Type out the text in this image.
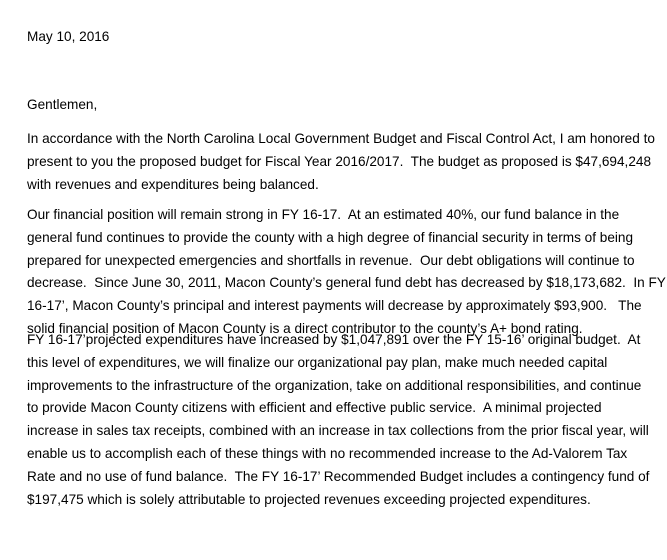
May 10, 2016

Gentlemen,

In accordance with the North Carolina Local Government Budget and Fiscal Control Act, I am honored to
present to you the proposed budget for Fiscal Year 2016/2017.  The budget as proposed is $47,694,248
with revenues and expenditures being balanced.

Our financial position will remain strong in FY 16-17.  At an estimated 40%, our fund balance in the
general fund continues to provide the county with a high degree of financial security in terms of being
prepared for unexpected emergencies and shortfalls in revenue.  Our debt obligations will continue to
decrease.  Since June 30, 2011, Macon County’s general fund debt has decreased by $18,173,682.  In FY
16-17’, Macon County’s principal and interest payments will decrease by approximately $93,900.   The
solid financial position of Macon County is a direct contributor to the county’s A+ bond rating.

FY 16-17’projected expenditures have increased by $1,047,891 over the FY 15-16’ original budget.  At
this level of expenditures, we will finalize our organizational pay plan, make much needed capital
improvements to the infrastructure of the organization, take on additional responsibilities, and continue
to provide Macon County citizens with efficient and effective public service.  A minimal projected
increase in sales tax receipts, combined with an increase in tax collections from the prior fiscal year, will
enable us to accomplish each of these things with no recommended increase to the Ad-Valorem Tax
Rate and no use of fund balance.  The FY 16-17’ Recommended Budget includes a contingency fund of
$197,475 which is solely attributable to projected revenues exceeding projected expenditures.
